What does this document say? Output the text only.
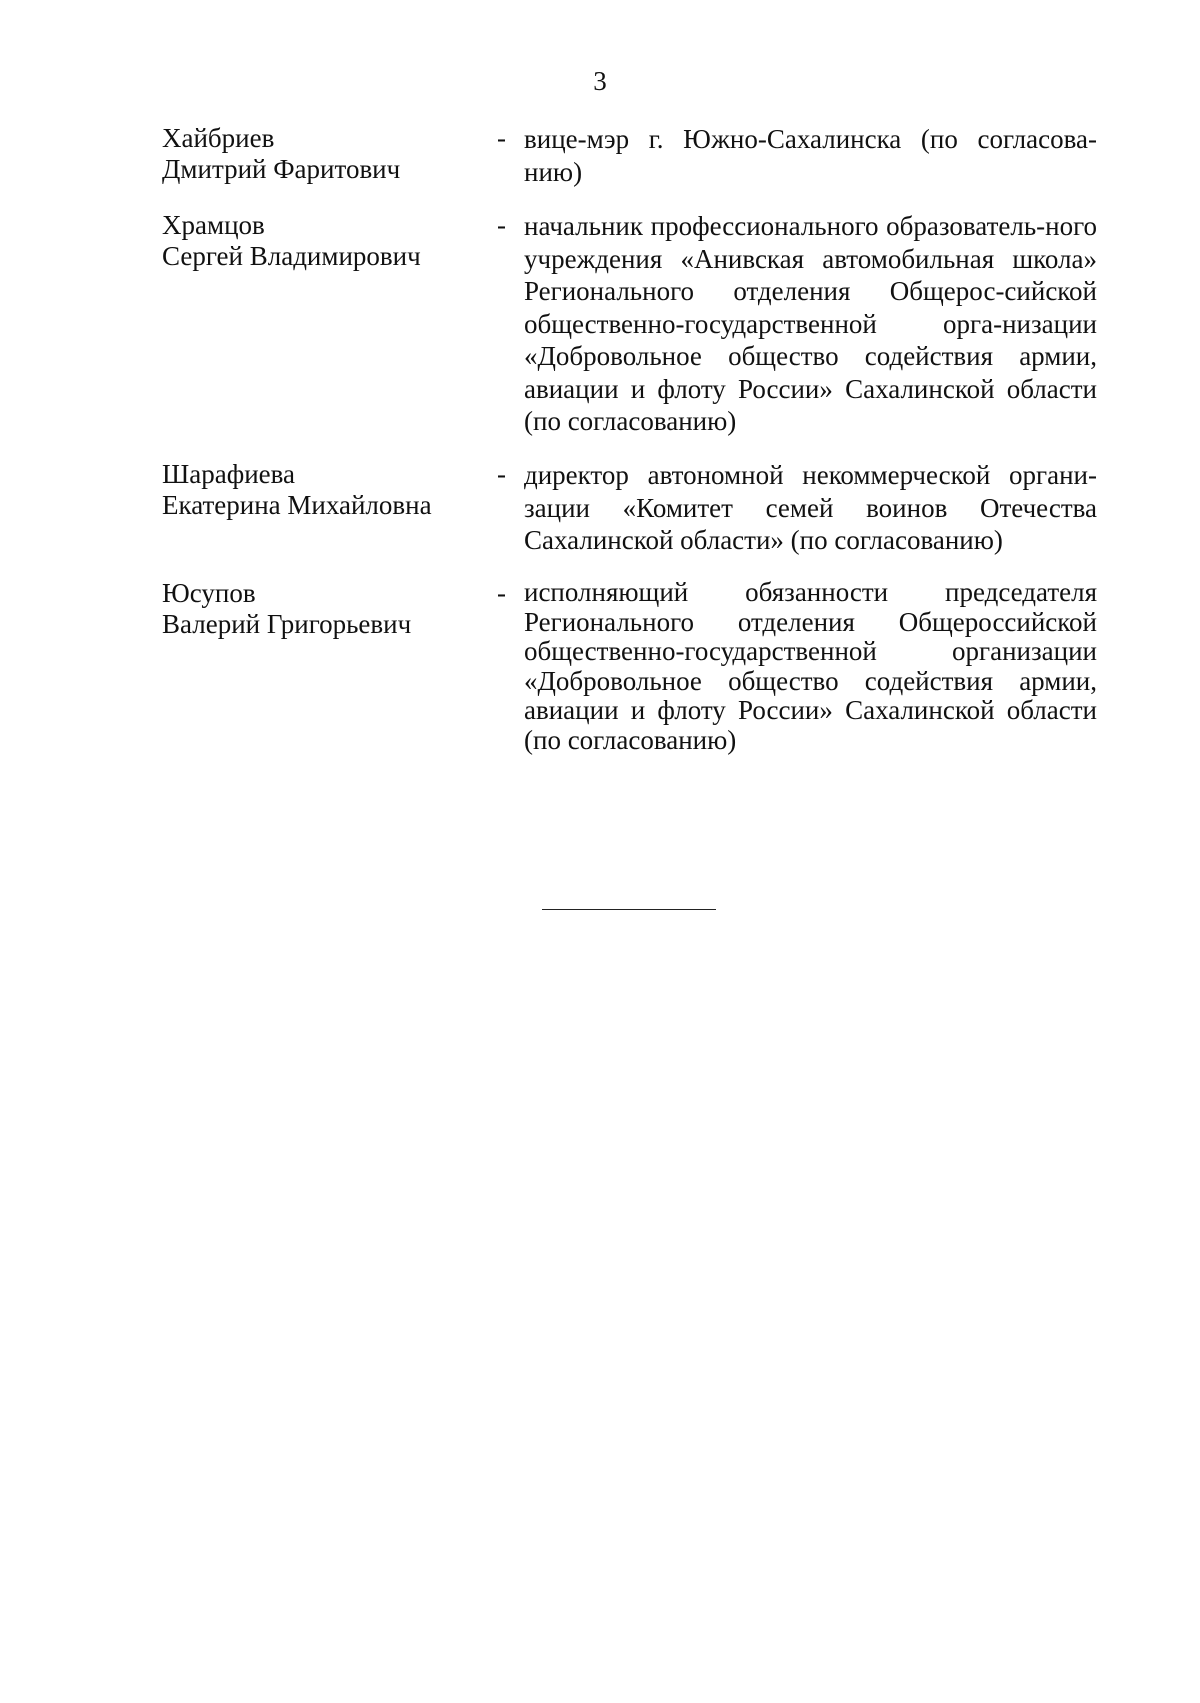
3
Хайбриев
Дмитрий Фаритович
- вице-мэр г. Южно-Сахалинска (по согласова-нию)
Храмцов
Сергей Владимирович
- начальник профессионального образователь-ного учреждения «Анивская автомобильная школа» Регионального отделения Общерос-сийской общественно-государственной орга-низации «Добровольное общество содействия армии, авиации и флоту России» Сахалинской области (по согласованию)
Шарафиева
Екатерина Михайловна
- директор автономной некоммерческой органи-зации «Комитет семей воинов Отечества Сахалинской области» (по согласованию)
Юсупов
Валерий Григорьевич
- исполняющий обязанности председателя Регионального отделения Общероссийской общественно-государственной организации «Добровольное общество содействия армии, авиации и флоту России» Сахалинской области (по согласованию)
